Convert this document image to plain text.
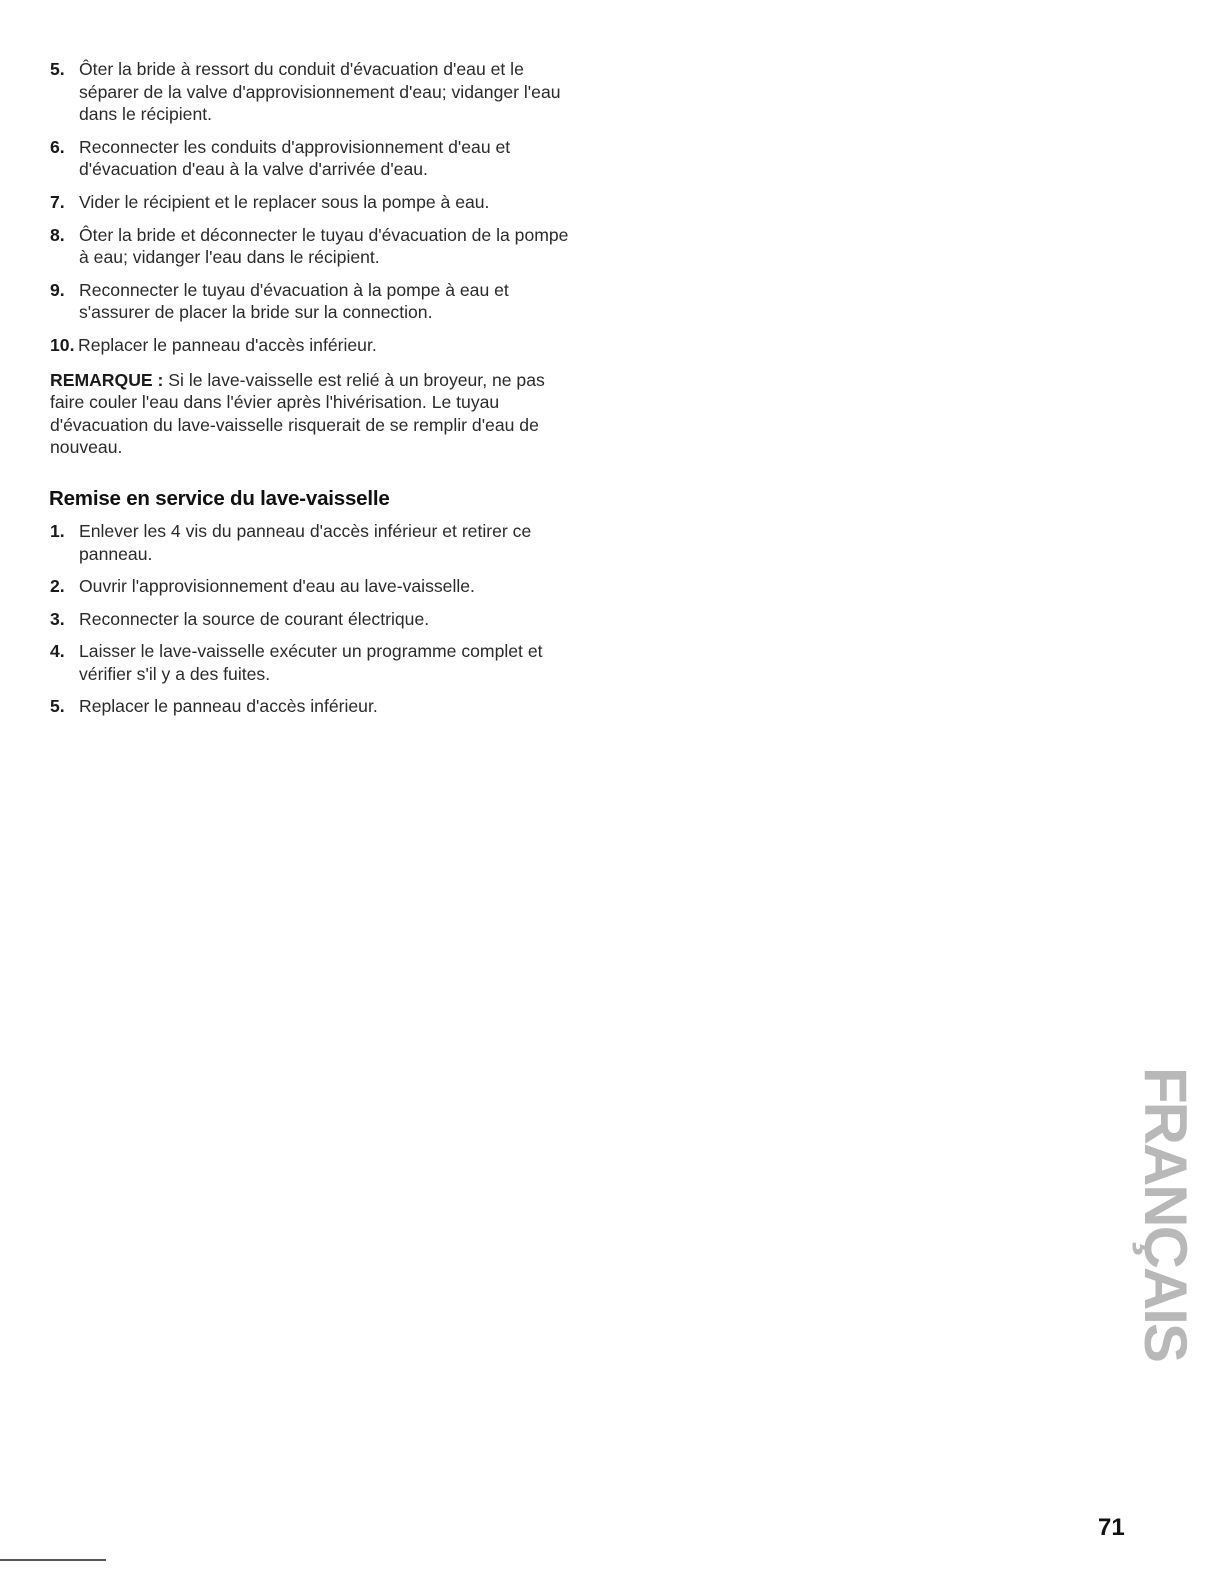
5. Ôter la bride à ressort du conduit d'évacuation d'eau et le séparer de la valve d'approvisionnement d'eau; vidanger l'eau dans le récipient.
6. Reconnecter les conduits d'approvisionnement d'eau et d'évacuation d'eau à la valve d'arrivée d'eau.
7. Vider le récipient et le replacer sous la pompe à eau.
8. Ôter la bride et déconnecter le tuyau d'évacuation de la pompe à eau; vidanger l'eau dans le récipient.
9. Reconnecter le tuyau d'évacuation à la pompe à eau et s'assurer de placer la bride sur la connection.
10. Replacer le panneau d'accès inférieur.

REMARQUE : Si le lave-vaisselle est relié à un broyeur, ne pas faire couler l'eau dans l'évier après l'hivérisation. Le tuyau d'évacuation du lave-vaisselle risquerait de se remplir d'eau de nouveau.

Remise en service du lave-vaisselle
1. Enlever les 4 vis du panneau d'accès inférieur et retirer ce panneau.
2. Ouvrir l'approvisionnement d'eau au lave-vaisselle.
3. Reconnecter la source de courant électrique.
4. Laisser le lave-vaisselle exécuter un programme complet et vérifier s'il y a des fuites.
5. Replacer le panneau d'accès inférieur.
FRANÇAIS
71
